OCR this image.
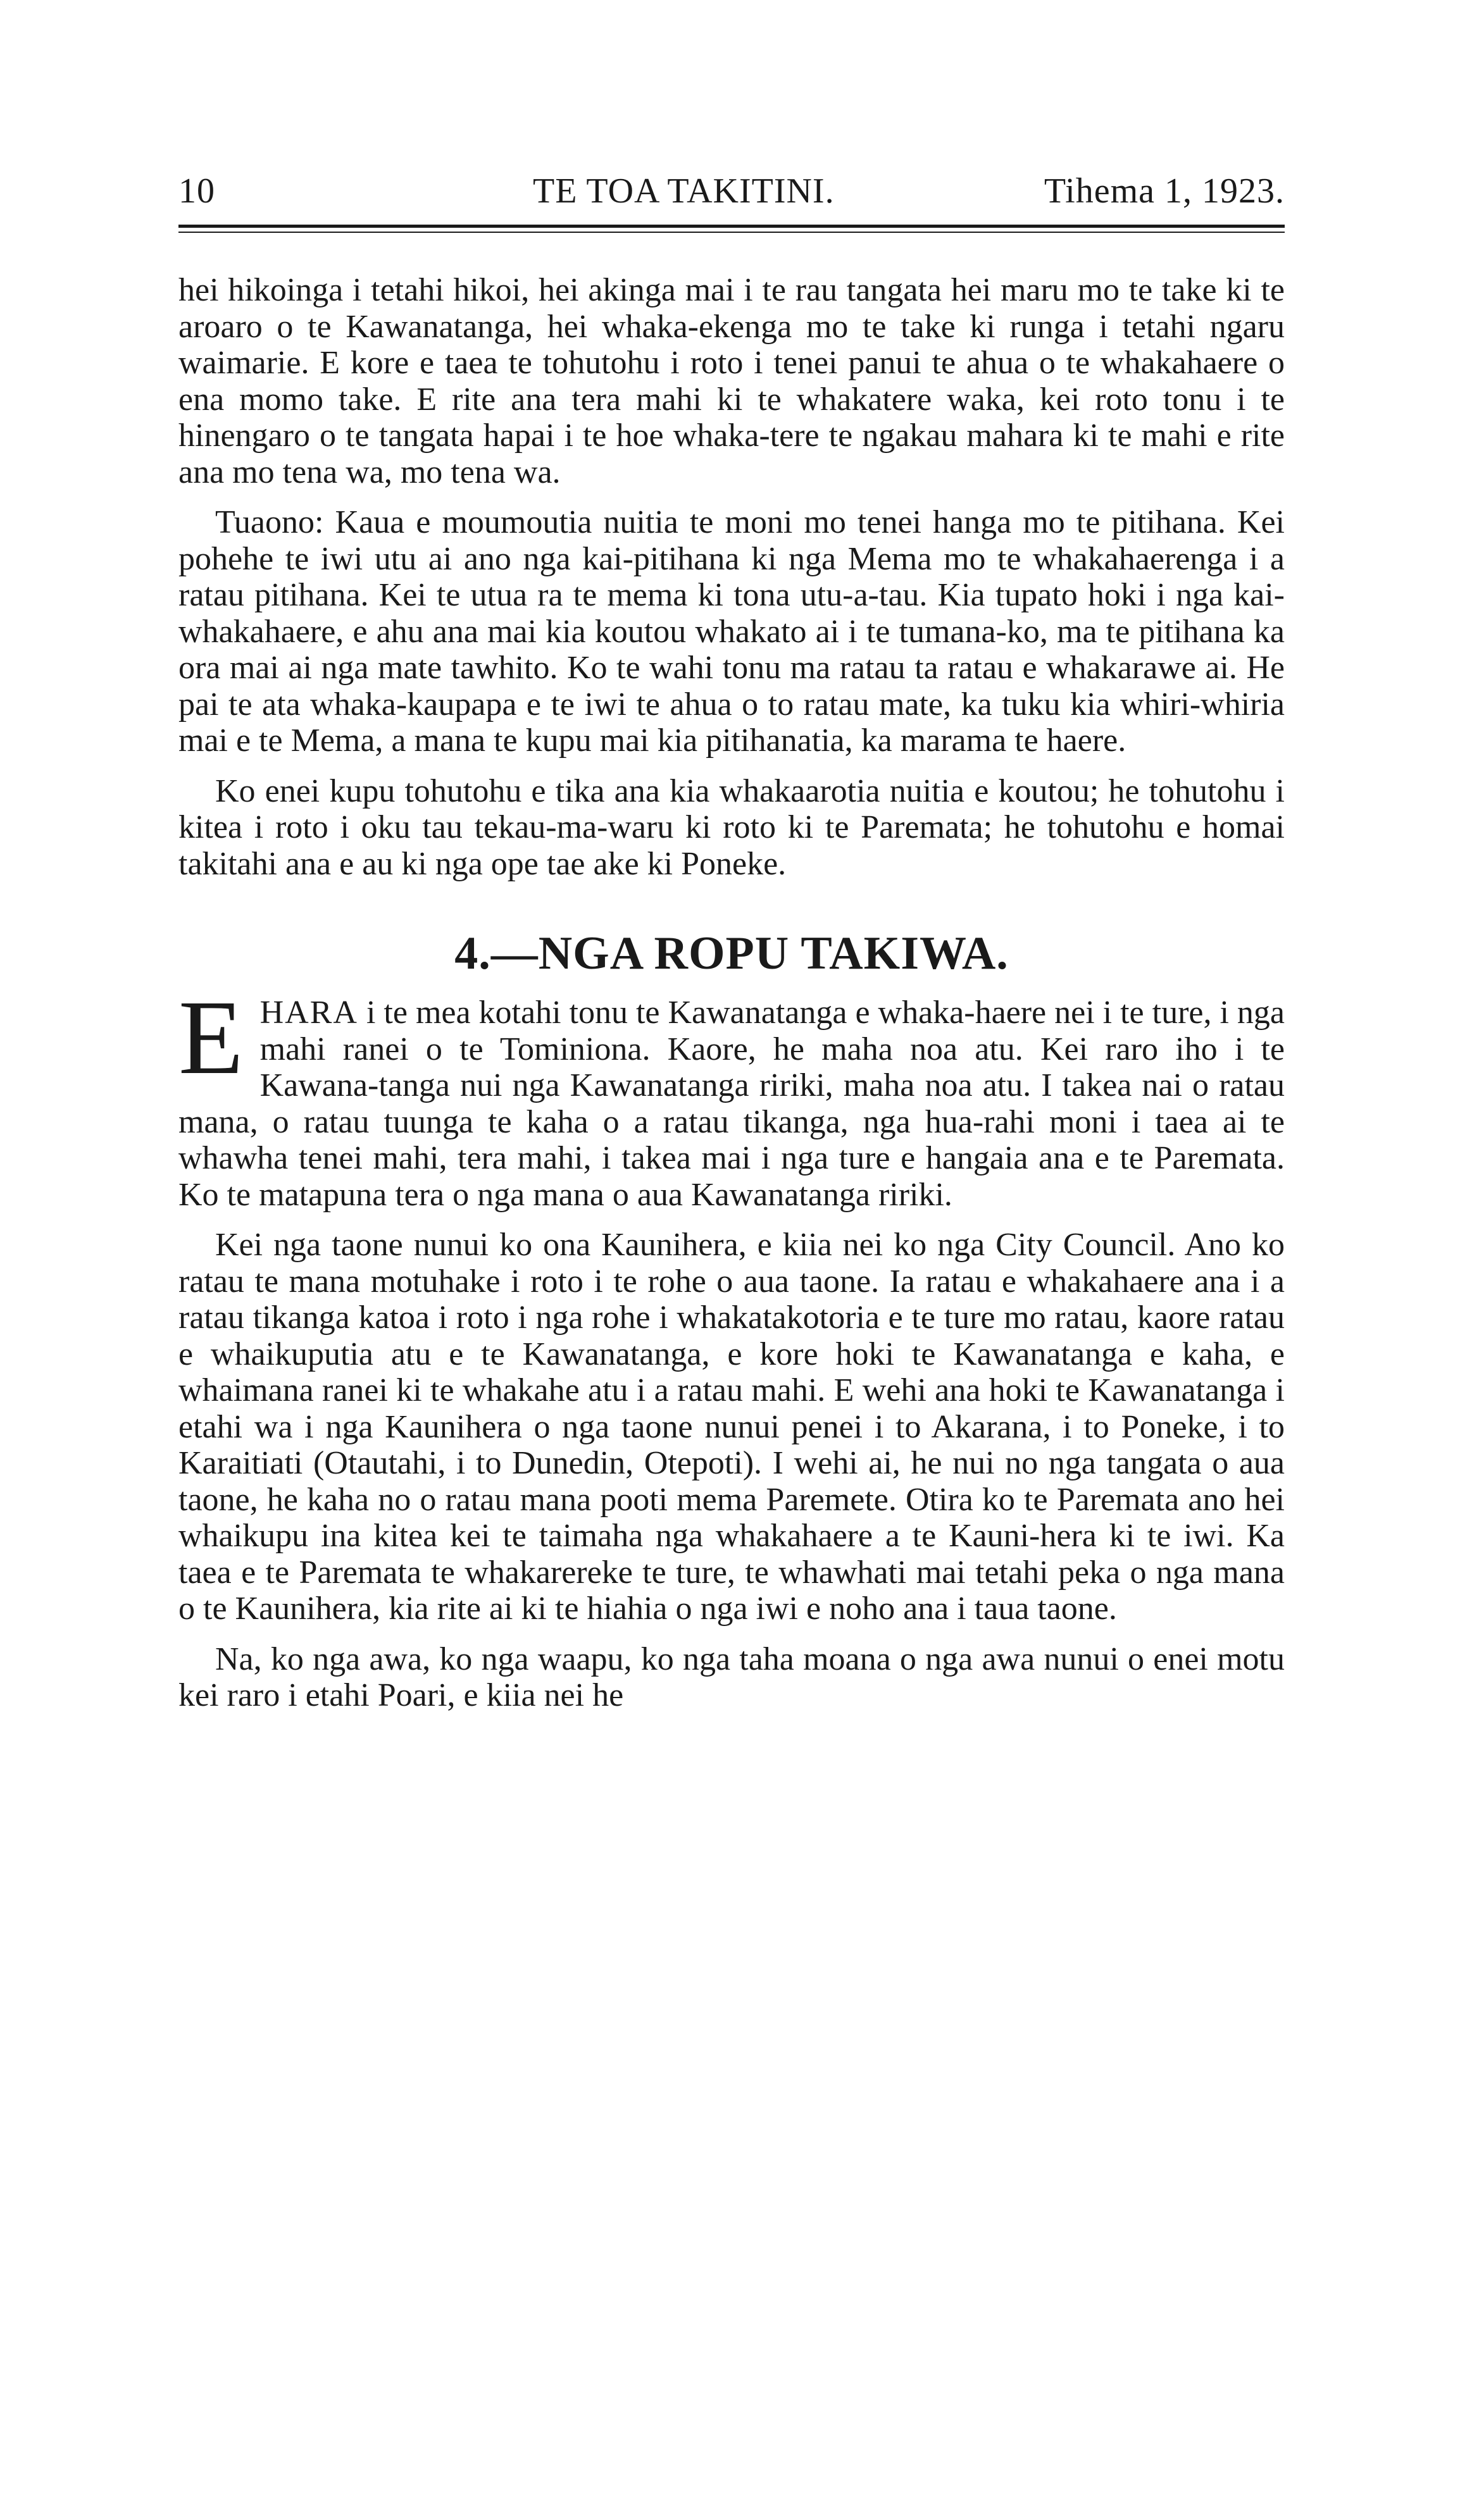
10	TE TOA TAKITINI.	Tihema 1, 1923.

hei hikoinga i tetahi hikoi, hei akinga mai i te rau tangata hei maru mo te take ki te aroaro o te Kawanatanga, hei whaka-ekenga mo te take ki runga i tetahi ngaru waimarie. E kore e taea te tohutohu i roto i tenei panui te ahua o te whakahaere o ena momo take. E rite ana tera mahi ki te whakatere waka, kei roto tonu i te hinengaro o te tangata hapai i te hoe whaka-tere te ngakau mahara ki te mahi e rite ana mo tena wa, mo tena wa.

Tuaono: Kaua e moumoutia nuitia te moni mo tenei hanga mo te pitihana. Kei pohehe te iwi utu ai ano nga kai-pitihana ki nga Mema mo te whakahaerenga i a ratau pitihana. Kei te utua ra te mema ki tona utu-a-tau. Kia tupato hoki i nga kai-whakahaere, e ahu ana mai kia koutou whakato ai i te tumana-ko, ma te pitihana ka ora mai ai nga mate tawhito. Ko te wahi tonu ma ratau ta ratau e whakarawe ai. He pai te ata whaka-kaupapa e te iwi te ahua o to ratau mate, ka tuku kia whiri-whiria mai e te Mema, a mana te kupu mai kia pitihanatia, ka marama te haere.

Ko enei kupu tohutohu e tika ana kia whakaarotia nuitia e koutou; he tohutohu i kitea i roto i oku tau tekau-ma-waru ki roto ki te Paremata; he tohutohu e homai takitahi ana e au ki nga ope tae ake ki Poneke.

4.—NGA ROPU TAKIWA.

EHARA i te mea kotahi tonu te Kawanatanga e whaka-haere nei i te ture, i nga mahi ranei o te Tominiona. Kaore, he maha noa atu. Kei raro iho i te Kawana-tanga nui nga Kawanatanga ririki, maha noa atu. I takea nai o ratau mana, o ratau tuunga te kaha o a ratau tikanga, nga hua-rahi moni i taea ai te whawha tenei mahi, tera mahi, i takea mai i nga ture e hangaia ana e te Paremata. Ko te matapuna tera o nga mana o aua Kawanatanga ririki.

Kei nga taone nunui ko ona Kaunihera, e kiia nei ko nga City Council. Ano ko ratau te mana motuhake i roto i te rohe o aua taone. Ia ratau e whakahaere ana i a ratau tikanga katoa i roto i nga rohe i whakatakotoria e te ture mo ratau, kaore ratau e whaikuputia atu e te Kawanatanga, e kore hoki te Kawanatanga e kaha, e whaimana ranei ki te whakahe atu i a ratau mahi. E wehi ana hoki te Kawanatanga i etahi wa i nga Kaunihera o nga taone nunui penei i to Akarana, i to Poneke, i to Karaitiati (Otautahi, i to Dunedin, Otepoti). I wehi ai, he nui no nga tangata o aua taone, he kaha no o ratau mana pooti mema Paremete. Otira ko te Paremata ano hei whaikupu ina kitea kei te taimaha nga whakahaere a te Kauni-hera ki te iwi. Ka taea e te Paremata te whakarereke te ture, te whawhati mai tetahi peka o nga mana o te Kaunihera, kia rite ai ki te hiahia o nga iwi e noho ana i taua taone.

Na, ko nga awa, ko nga waapu, ko nga taha moana o nga awa nunui o enei motu kei raro i etahi Poari, e kiia nei he
